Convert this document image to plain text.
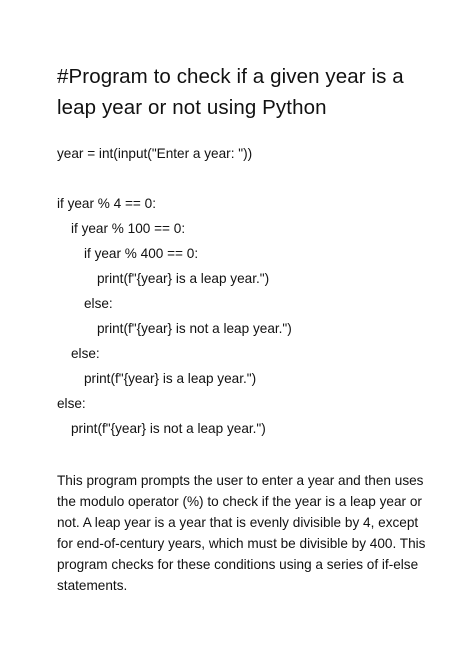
#Program to check if a given year is a leap year or not using Python
year = int(input("Enter a year: "))
if year % 4 == 0:
if year % 100 == 0:
if year % 400 == 0:
print(f"{year} is a leap year.")
else:
print(f"{year} is not a leap year.")
else:
print(f"{year} is a leap year.")
else:
print(f"{year} is not a leap year.")

This program prompts the user to enter a year and then uses the modulo operator (%) to check if the year is a leap year or not. A leap year is a year that is evenly divisible by 4, except for end-of-century years, which must be divisible by 400. This program checks for these conditions using a series of if-else statements.
